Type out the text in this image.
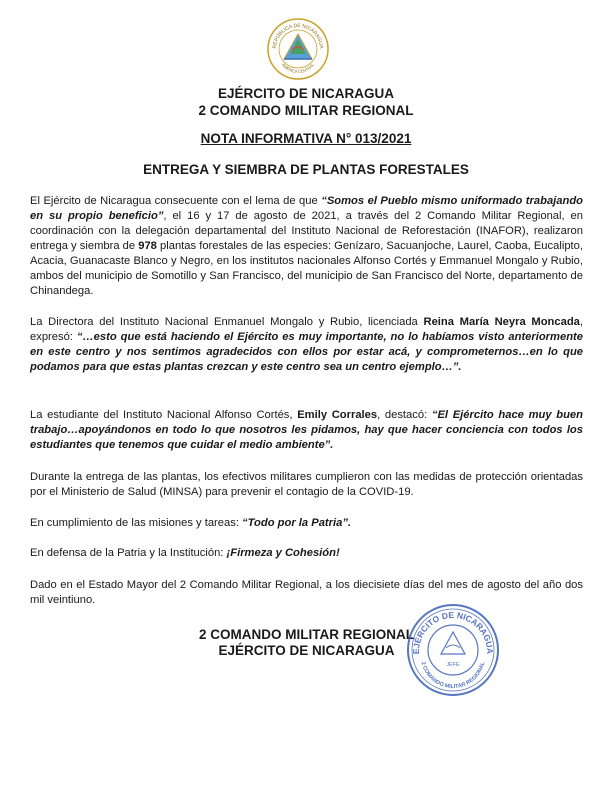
REPÚBLICA DE NICARAGUA
AMÉRICA CENTRAL
EJÉRCITO DE NICARAGUA
2 COMANDO MILITAR REGIONAL
NOTA INFORMATIVA N° 013/2021
ENTREGA Y SIEMBRA DE PLANTAS FORESTALES

El Ejército de Nicaragua consecuente con el lema de que “Somos el Pueblo mismo uniformado trabajando en su propio beneficio”, el 16 y 17 de agosto de 2021, a través del 2 Comando Militar Regional, en coordinación con la delegación departamental del Instituto Nacional de Reforestación (INAFOR), realizaron entrega y siembra de 978 plantas forestales de las especies: Genízaro, Sacuanjoche, Laurel, Caoba, Eucalipto, Acacia, Guanacaste Blanco y Negro, en los institutos nacionales Alfonso Cortés y Emmanuel Mongalo y Rubio, ambos del municipio de Somotillo y San Francisco, del municipio de San Francisco del Norte, departamento de Chinandega.

La Directora del Instituto Nacional Enmanuel Mongalo y Rubio, licenciada Reina María Neyra Moncada, expresó: “…esto que está haciendo el Ejército es muy importante, no lo habíamos visto anteriormente en este centro y nos sentimos agradecidos con ellos por estar acá, y comprometernos…en lo que podamos para que estas plantas crezcan y este centro sea un centro ejemplo…”.

La estudiante del Instituto Nacional Alfonso Cortés, Emily Corrales, destacó: “El Ejército hace muy buen trabajo…apoyándonos en todo lo que nosotros les pidamos, hay que hacer conciencia con todos los estudiantes que tenemos que cuidar el medio ambiente”.

Durante la entrega de las plantas, los efectivos militares cumplieron con las medidas de protección orientadas por el Ministerio de Salud (MINSA) para prevenir el contagio de la COVID-19.

En cumplimiento de las misiones y tareas: “Todo por la Patria”.

En defensa de la Patria y la Institución: ¡Firmeza y Cohesión!

Dado en el Estado Mayor del 2 Comando Militar Regional, a los diecisiete días del mes de agosto del año dos mil veintiuno.

2 COMANDO MILITAR REGIONAL
EJÉRCITO DE NICARAGUA	EJÉRCITO DE NICARAGUA
2 COMANDO MILITAR REGIONAL
JEFE
